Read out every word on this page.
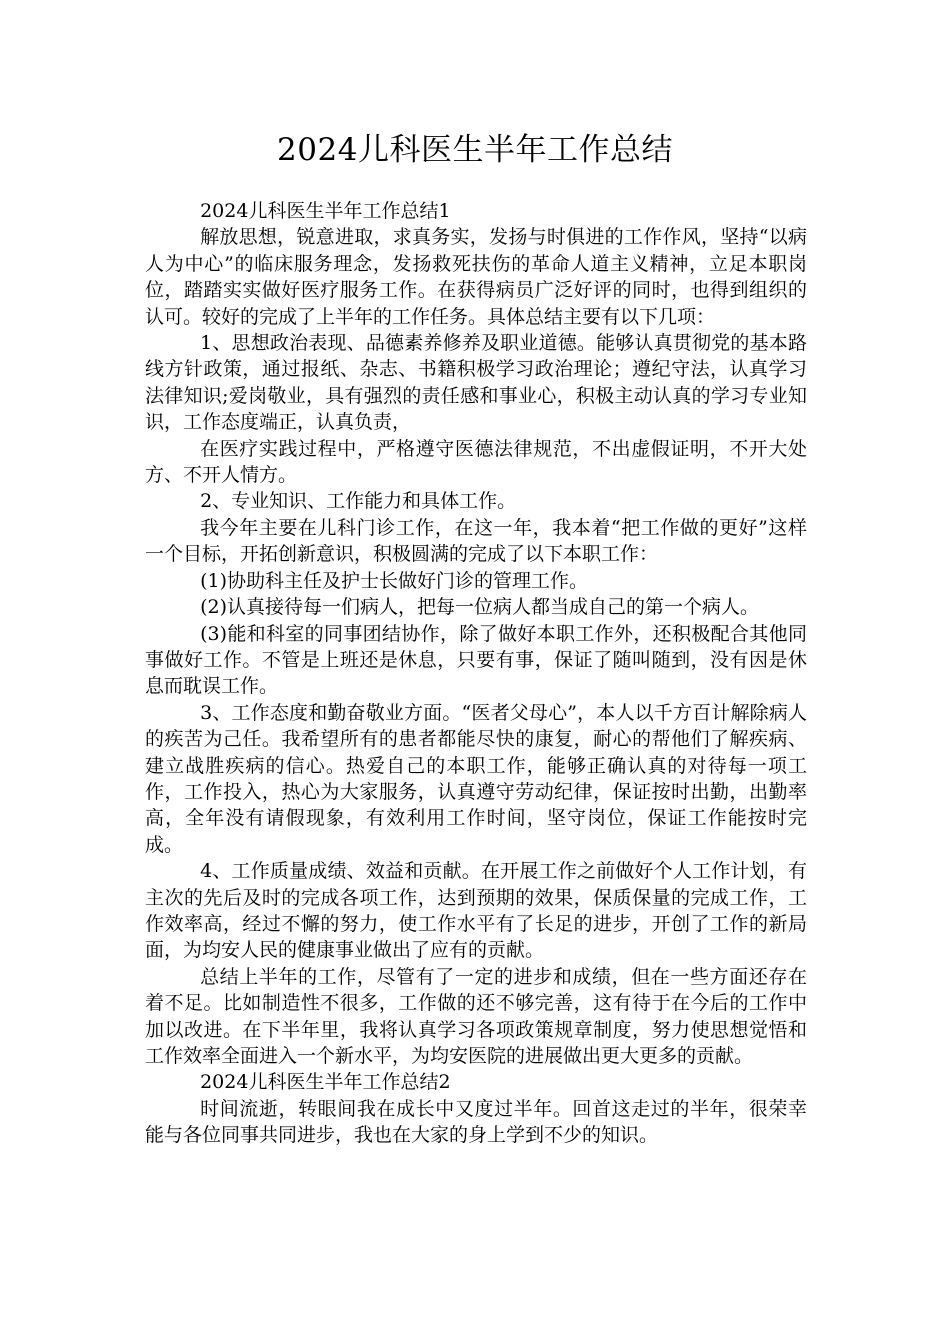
2024儿科医生半年工作总结

2024儿科医生半年工作总结1

解放思想，锐意进取，求真务实，发扬与时俱进的工作作风，坚持“以病人为中心”的临床服务理念，发扬救死扶伤的革命人道主义精神，立足本职岗位，踏踏实实做好医疗服务工作。在获得病员广泛好评的同时，也得到组织的认可。较好的完成了上半年的工作任务。具体总结主要有以下几项：

1、思想政治表现、品德素养修养及职业道德。能够认真贯彻党的基本路线方针政策，通过报纸、杂志、书籍积极学习政治理论；遵纪守法，认真学习法律知识;爱岗敬业，具有强烈的责任感和事业心，积极主动认真的学习专业知识，工作态度端正，认真负责，

在医疗实践过程中，严格遵守医德法律规范，不出虚假证明，不开大处方、不开人情方。

2、专业知识、工作能力和具体工作。

我今年主要在儿科门诊工作，在这一年，我本着“把工作做的更好”这样一个目标，开拓创新意识，积极圆满的完成了以下本职工作：

(1)协助科主任及护士长做好门诊的管理工作。

(2)认真接待每一们病人，把每一位病人都当成自己的第一个病人。

(3)能和科室的同事团结协作，除了做好本职工作外，还积极配合其他同事做好工作。不管是上班还是休息，只要有事，保证了随叫随到，没有因是休息而耽误工作。

3、工作态度和勤奋敬业方面。“医者父母心”，本人以千方百计解除病人的疾苦为己任。我希望所有的患者都能尽快的康复，耐心的帮他们了解疾病、建立战胜疾病的信心。热爱自己的本职工作，能够正确认真的对待每一项工作，工作投入，热心为大家服务，认真遵守劳动纪律，保证按时出勤，出勤率高，全年没有请假现象，有效利用工作时间，坚守岗位，保证工作能按时完成。

4、工作质量成绩、效益和贡献。在开展工作之前做好个人工作计划，有主次的先后及时的完成各项工作，达到预期的效果，保质保量的完成工作，工作效率高，经过不懈的努力，使工作水平有了长足的进步，开创了工作的新局面，为均安人民的健康事业做出了应有的贡献。

总结上半年的工作，尽管有了一定的进步和成绩，但在一些方面还存在着不足。比如制造性不很多，工作做的还不够完善，这有待于在今后的工作中加以改进。在下半年里，我将认真学习各项政策规章制度，努力使思想觉悟和工作效率全面进入一个新水平，为均安医院的进展做出更大更多的贡献。

2024儿科医生半年工作总结2

时间流逝，转眼间我在成长中又度过半年。回首这走过的半年，很荣幸能与各位同事共同进步，我也在大家的身上学到不少的知识。
